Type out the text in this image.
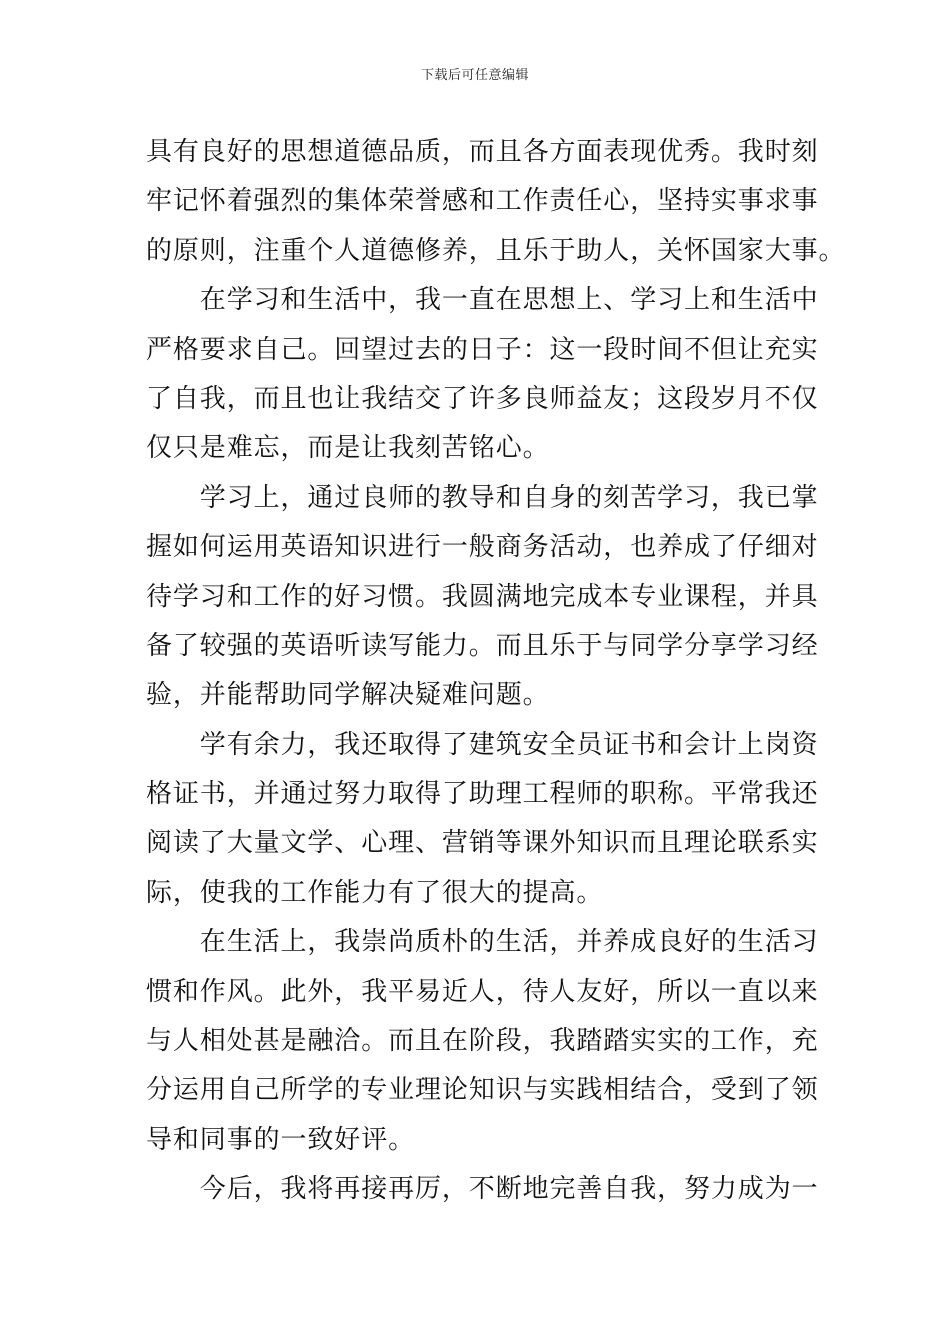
下载后可任意编辑
具有良好的思想道德品质，而且各方面表现优秀。我时刻
牢记怀着强烈的集体荣誉感和工作责任心，坚持实事求事
的原则，注重个人道德修养，且乐于助人，关怀国家大事。
　　在学习和生活中，我一直在思想上、学习上和生活中
严格要求自己。回望过去的日子：这一段时间不但让充实
了自我，而且也让我结交了许多良师益友；这段岁月不仅
仅只是难忘，而是让我刻苦铭心。
　　学习上，通过良师的教导和自身的刻苦学习，我已掌
握如何运用英语知识进行一般商务活动，也养成了仔细对
待学习和工作的好习惯。我圆满地完成本专业课程，并具
备了较强的英语听读写能力。而且乐于与同学分享学习经
验，并能帮助同学解决疑难问题。
　　学有余力，我还取得了建筑安全员证书和会计上岗资
格证书，并通过努力取得了助理工程师的职称。平常我还
阅读了大量文学、心理、营销等课外知识而且理论联系实
际，使我的工作能力有了很大的提高。
　　在生活上，我崇尚质朴的生活，并养成良好的生活习
惯和作风。此外，我平易近人，待人友好，所以一直以来
与人相处甚是融洽。而且在阶段，我踏踏实实的工作，充
分运用自己所学的专业理论知识与实践相结合，受到了领
导和同事的一致好评。
　　今后，我将再接再厉，不断地完善自我，努力成为一
